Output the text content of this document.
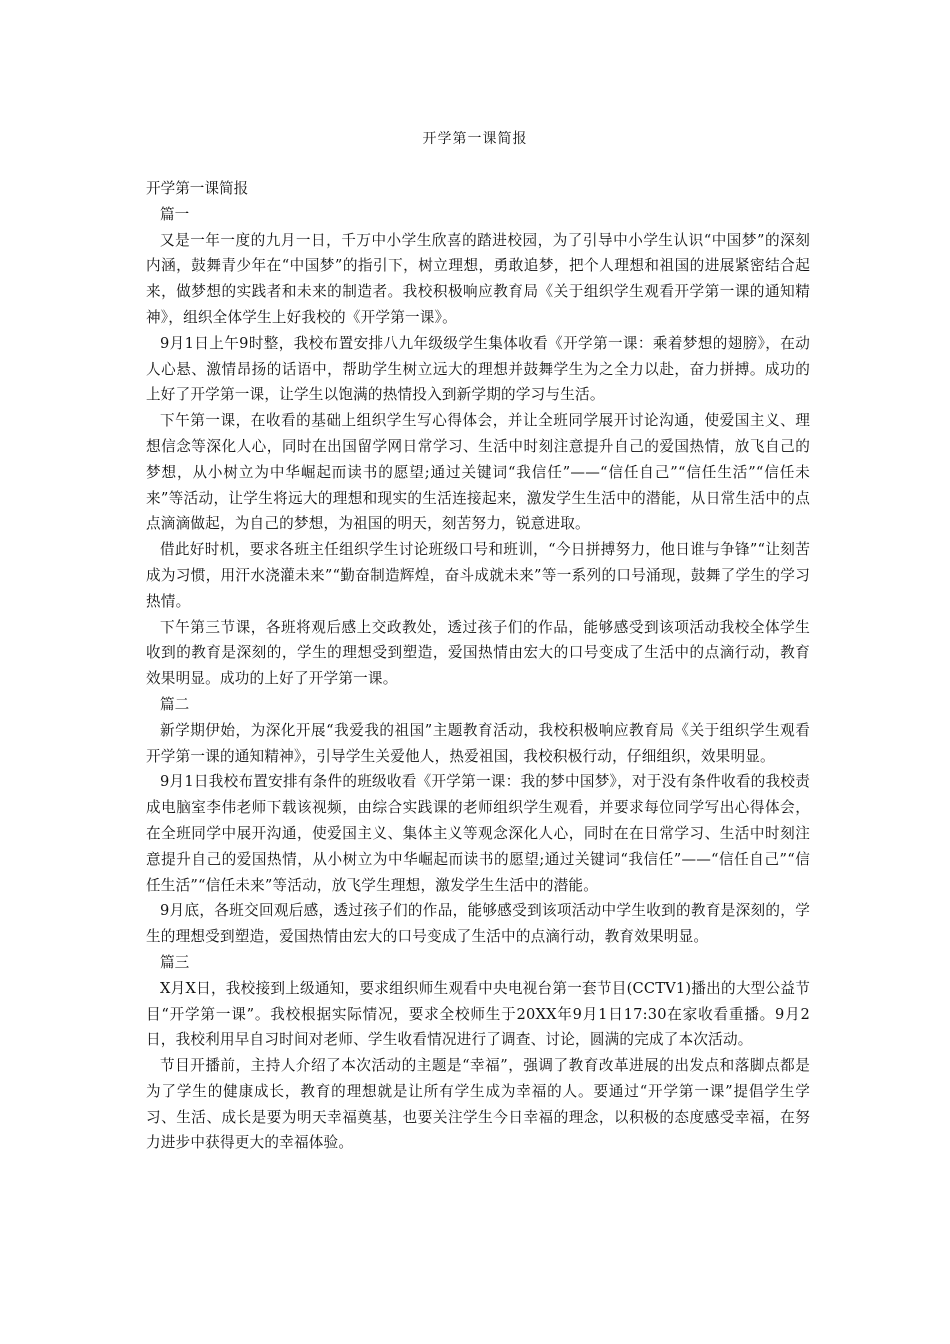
开学第一课简报

开学第一课简报

篇一

又是一年一度的九月一日，千万中小学生欣喜的踏进校园，为了引导中小学生认识“中国梦”的深刻内涵，鼓舞青少年在“中国梦”的指引下，树立理想，勇敢追梦，把个人理想和祖国的进展紧密结合起来，做梦想的实践者和未来的制造者。我校积极响应教育局《关于组织学生观看开学第一课的通知精神》，组织全体学生上好我校的《开学第一课》。

9月1日上午9时整，我校布置安排八九年级级学生集体收看《开学第一课：乘着梦想的翅膀》，在动人心悬、激情昂扬的话语中，帮助学生树立远大的理想并鼓舞学生为之全力以赴，奋力拼搏。成功的上好了开学第一课，让学生以饱满的热情投入到新学期的学习与生活。

下午第一课，在收看的基础上组织学生写心得体会，并让全班同学展开讨论沟通，使爱国主义、理想信念等深化人心，同时在出国留学网日常学习、生活中时刻注意提升自己的爱国热情，放飞自己的梦想，从小树立为中华崛起而读书的愿望;通过关键词“我信任”——“信任自己”“信任生活”“信任未来”等活动，让学生将远大的理想和现实的生活连接起来，激发学生生活中的潜能，从日常生活中的点点滴滴做起，为自己的梦想，为祖国的明天，刻苦努力，锐意进取。

借此好时机，要求各班主任组织学生讨论班级口号和班训，“今日拼搏努力，他日谁与争锋”“让刻苦成为习惯，用汗水浇灌未来”“勤奋制造辉煌，奋斗成就未来”等一系列的口号涌现，鼓舞了学生的学习热情。

下午第三节课，各班将观后感上交政教处，透过孩子们的作品，能够感受到该项活动我校全体学生收到的教育是深刻的，学生的理想受到塑造，爱国热情由宏大的口号变成了生活中的点滴行动，教育效果明显。成功的上好了开学第一课。

篇二

新学期伊始，为深化开展“我爱我的祖国”主题教育活动，我校积极响应教育局《关于组织学生观看开学第一课的通知精神》，引导学生关爱他人，热爱祖国，我校积极行动，仔细组织，效果明显。

9月1日我校布置安排有条件的班级收看《开学第一课：我的梦中国梦》，对于没有条件收看的我校责成电脑室李伟老师下载该视频，由综合实践课的老师组织学生观看，并要求每位同学写出心得体会，在全班同学中展开沟通，使爱国主义、集体主义等观念深化人心，同时在在日常学习、生活中时刻注意提升自己的爱国热情，从小树立为中华崛起而读书的愿望;通过关键词“我信任”——“信任自己”“信任生活”“信任未来”等活动，放飞学生理想，激发学生生活中的潜能。

9月底，各班交回观后感，透过孩子们的作品，能够感受到该项活动中学生收到的教育是深刻的，学生的理想受到塑造，爱国热情由宏大的口号变成了生活中的点滴行动，教育效果明显。

篇三

X月X日，我校接到上级通知，要求组织师生观看中央电视台第一套节目(CCTV1)播出的大型公益节目“开学第一课”。我校根据实际情况，要求全校师生于20XX年9月1日17:30在家收看重播。9月2日，我校利用早自习时间对老师、学生收看情况进行了调查、讨论，圆满的完成了本次活动。

节目开播前，主持人介绍了本次活动的主题是“幸福”，强调了教育改革进展的出发点和落脚点都是为了学生的健康成长，教育的理想就是让所有学生成为幸福的人。要通过“开学第一课”提倡学生学习、生活、成长是要为明天幸福奠基，也要关注学生今日幸福的理念，以积极的态度感受幸福，在努力进步中获得更大的幸福体验。
